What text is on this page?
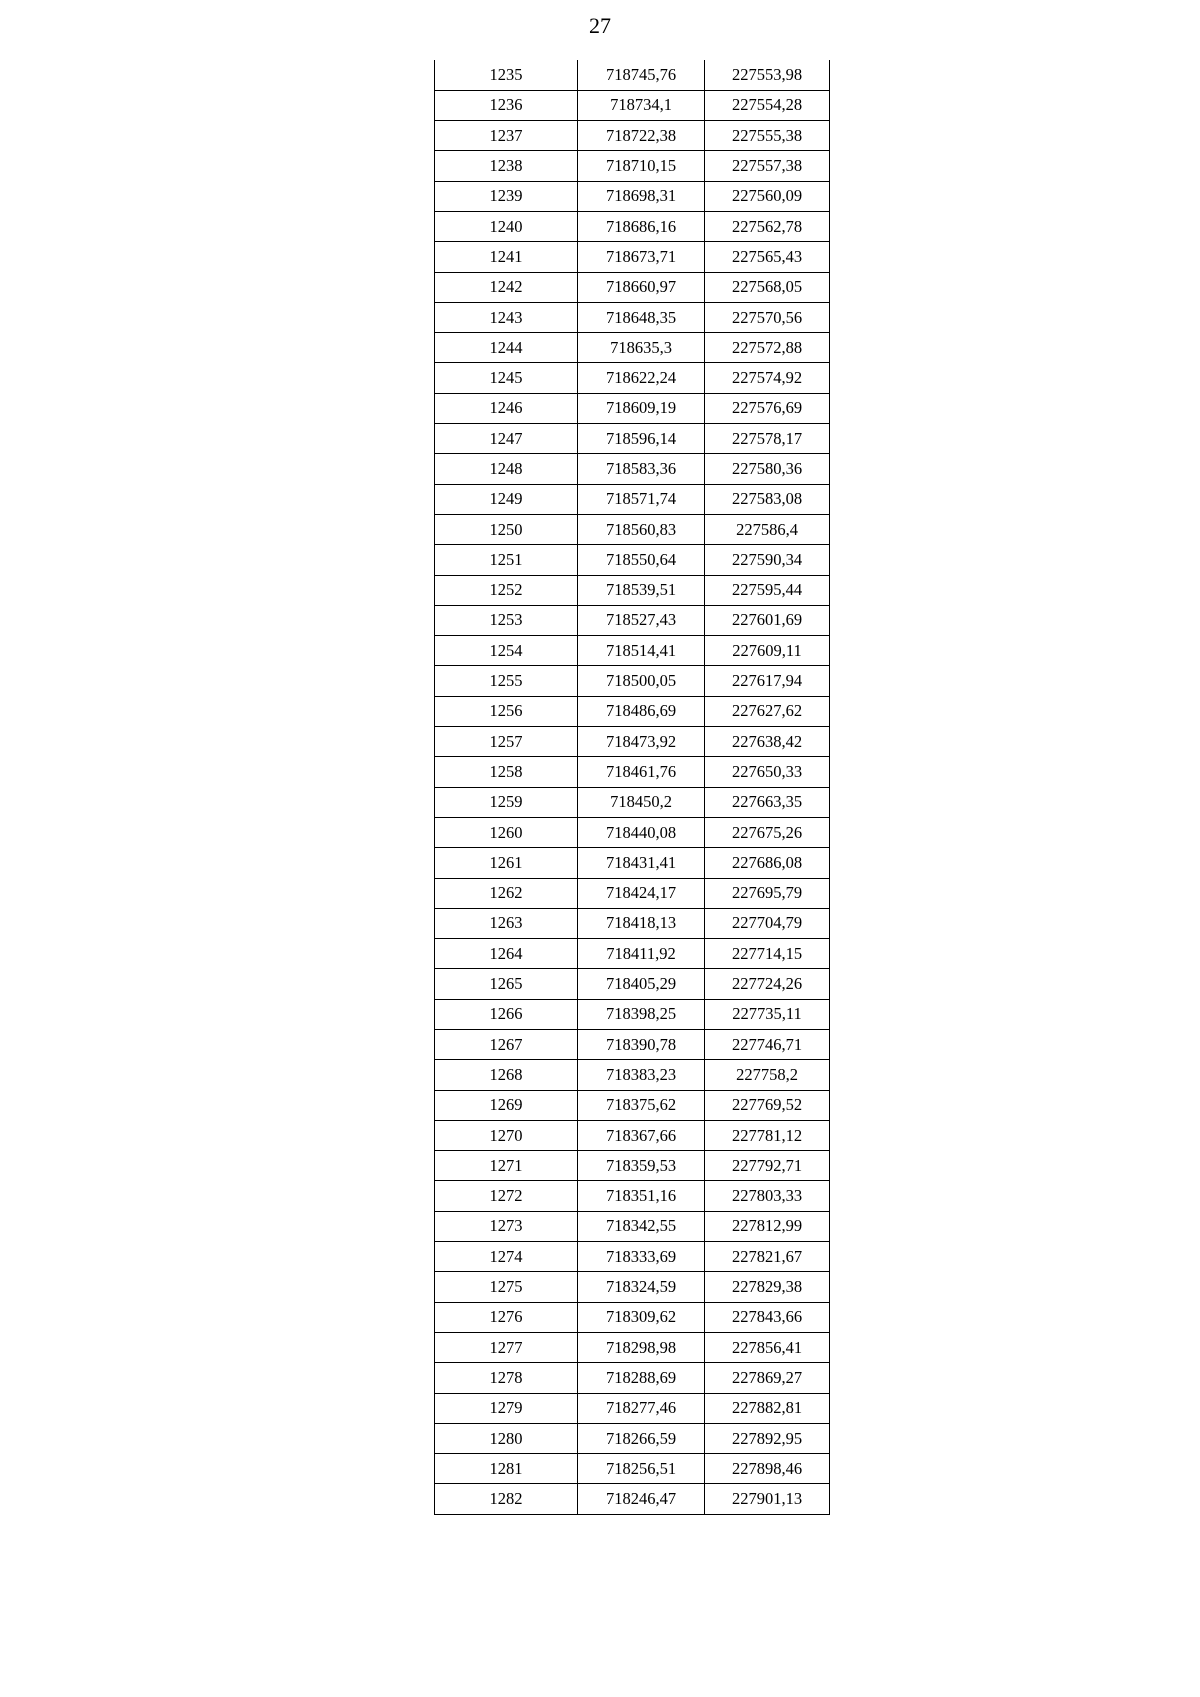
27
1235	718745,76	227553,98
1236	718734,1	227554,28
1237	718722,38	227555,38
1238	718710,15	227557,38
1239	718698,31	227560,09
1240	718686,16	227562,78
1241	718673,71	227565,43
1242	718660,97	227568,05
1243	718648,35	227570,56
1244	718635,3	227572,88
1245	718622,24	227574,92
1246	718609,19	227576,69
1247	718596,14	227578,17
1248	718583,36	227580,36
1249	718571,74	227583,08
1250	718560,83	227586,4
1251	718550,64	227590,34
1252	718539,51	227595,44
1253	718527,43	227601,69
1254	718514,41	227609,11
1255	718500,05	227617,94
1256	718486,69	227627,62
1257	718473,92	227638,42
1258	718461,76	227650,33
1259	718450,2	227663,35
1260	718440,08	227675,26
1261	718431,41	227686,08
1262	718424,17	227695,79
1263	718418,13	227704,79
1264	718411,92	227714,15
1265	718405,29	227724,26
1266	718398,25	227735,11
1267	718390,78	227746,71
1268	718383,23	227758,2
1269	718375,62	227769,52
1270	718367,66	227781,12
1271	718359,53	227792,71
1272	718351,16	227803,33
1273	718342,55	227812,99
1274	718333,69	227821,67
1275	718324,59	227829,38
1276	718309,62	227843,66
1277	718298,98	227856,41
1278	718288,69	227869,27
1279	718277,46	227882,81
1280	718266,59	227892,95
1281	718256,51	227898,46
1282	718246,47	227901,13
